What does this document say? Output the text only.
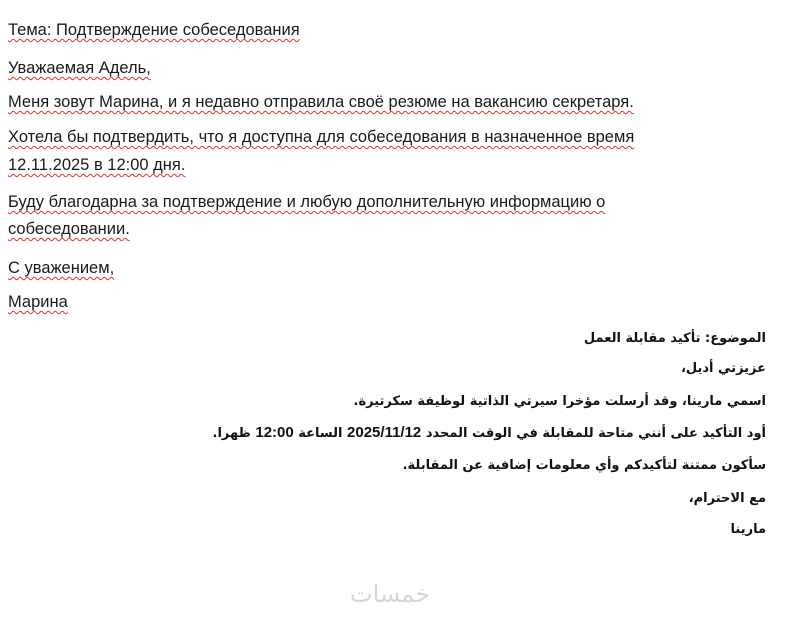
Тема: Подтверждение собеседования
Уважаемая Адель,
Меня зовут Марина, и я недавно отправила своё резюме на вакансию секретаря.
Хотела бы подтвердить, что я доступна для собеседования в назначенное время
12.11.2025 в 12:00 дня.
Буду благодарна за подтверждение и любую дополнительную информацию о
собеседовании.
С уважением,
Марина
الموضوع: تأكيد مقابلة العمل
عزيزتي أديل،
اسمي مارينا، وقد أرسلت مؤخرا سيرتي الذاتية لوظيفة سكرتيرة.
أود التأكيد على أنني متاحة للمقابلة في الوقت المحدد 2025/11/12 الساعة 12:00 ظهرا.
سأكون ممتنة لتأكيدكم وأي معلومات إضافية عن المقابلة.
مع الاحترام،
مارينا
خمسات
